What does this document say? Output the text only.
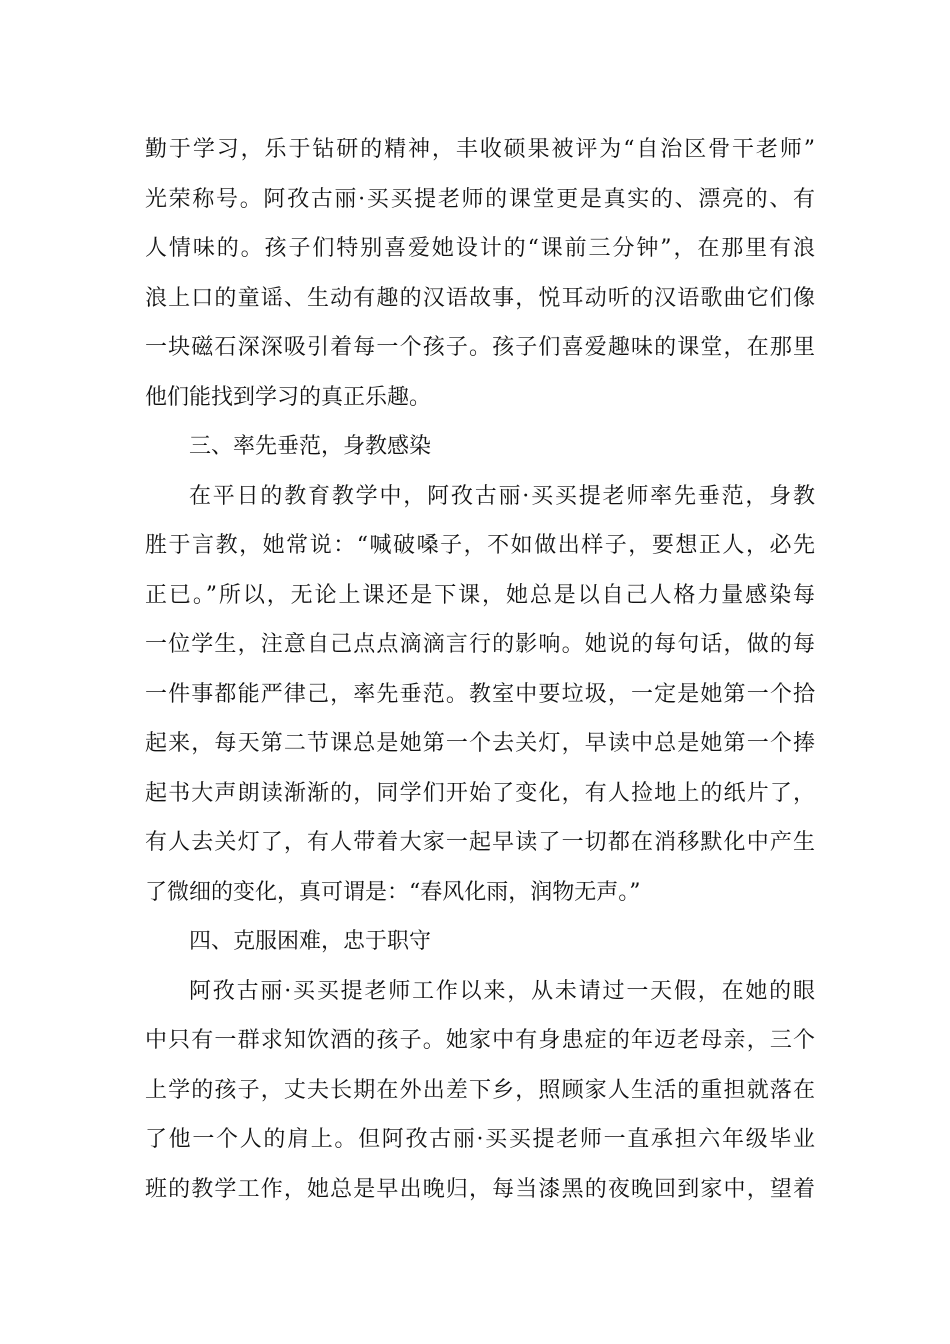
勤于学习，乐于钻研的精神，丰收硕果被评为“自治区骨干老师”
光荣称号。阿孜古丽·买买提老师的课堂更是真实的、漂亮的、有
人情味的。孩子们特别喜爱她设计的“课前三分钟”，在那里有浪
浪上口的童谣、生动有趣的汉语故事，悦耳动听的汉语歌曲它们像
一块磁石深深吸引着每一个孩子。孩子们喜爱趣味的课堂，在那里
他们能找到学习的真正乐趣。
三、率先垂范，身教感染
在平日的教育教学中，阿孜古丽·买买提老师率先垂范，身教
胜于言教，她常说：“喊破嗓子，不如做出样子，要想正人，必先
正已。”所以，无论上课还是下课，她总是以自己人格力量感染每
一位学生，注意自己点点滴滴言行的影响。她说的每句话，做的每
一件事都能严律己，率先垂范。教室中要垃圾，一定是她第一个拾
起来，每天第二节课总是她第一个去关灯，早读中总是她第一个捧
起书大声朗读渐渐的，同学们开始了变化，有人捡地上的纸片了，
有人去关灯了，有人带着大家一起早读了一切都在消移默化中产生
了微细的变化，真可谓是：“春风化雨，润物无声。”
四、克服困难，忠于职守
阿孜古丽·买买提老师工作以来，从未请过一天假，在她的眼
中只有一群求知饮酒的孩子。她家中有身患症的年迈老母亲，三个
上学的孩子，丈夫长期在外出差下乡，照顾家人生活的重担就落在
了他一个人的肩上。但阿孜古丽·买买提老师一直承担六年级毕业
班的教学工作，她总是早出晚归，每当漆黑的夜晚回到家中，望着
